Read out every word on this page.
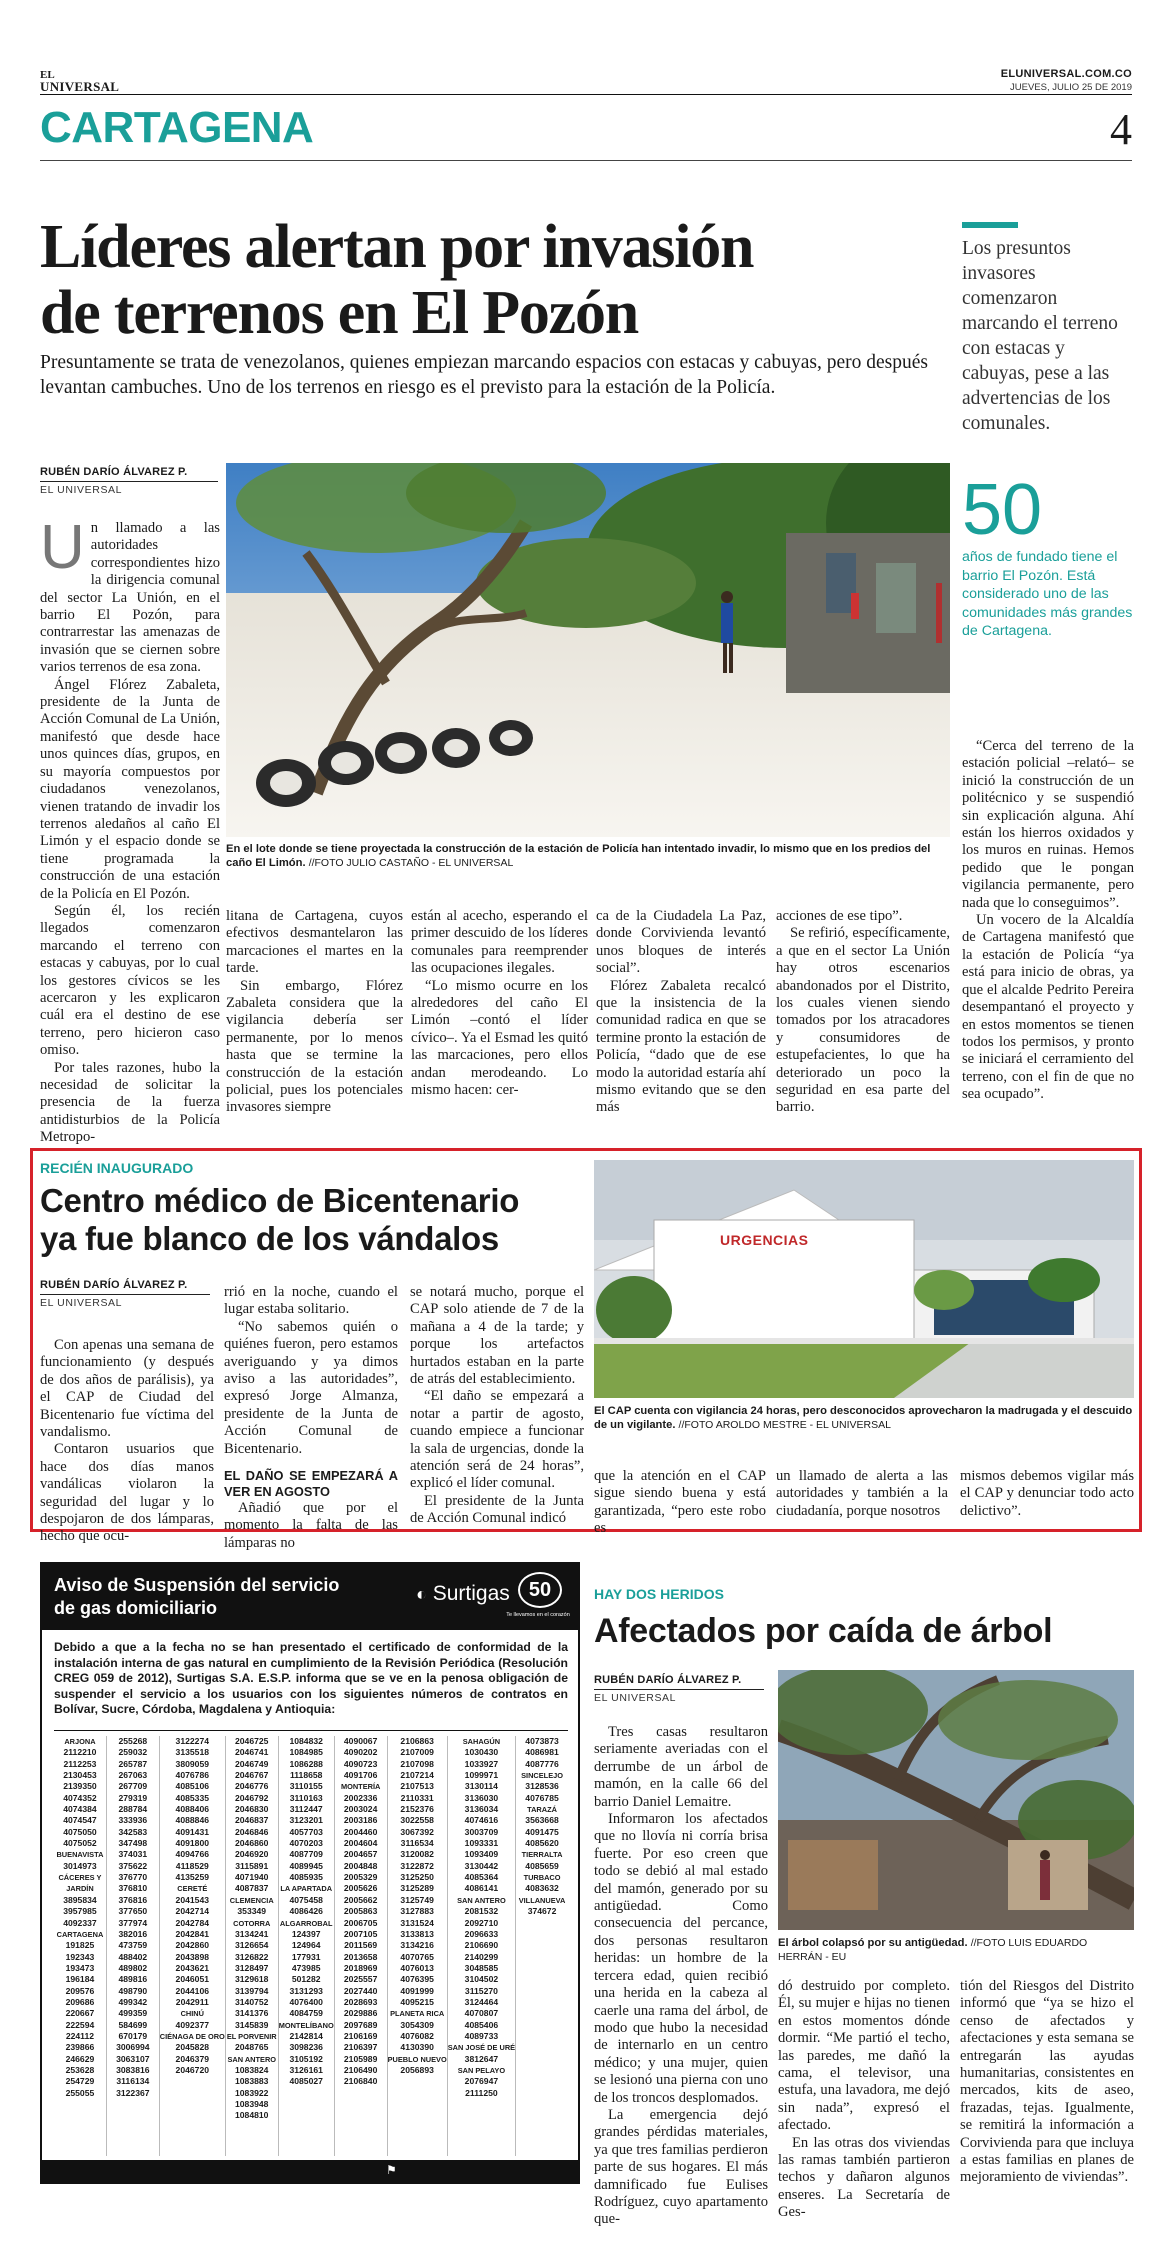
EL
UNIVERSAL
ELUNIVERSAL.COM.CO
JUEVES, JULIO 25 DE 2019
CARTAGENA	4
Líderes alertan por invasión
de terrenos en El Pozón
Presuntamente se trata de venezolanos, quienes empiezan marcando espacios con estacas y cabuyas, pero después levantan cambuches. Uno de los terrenos en riesgo es el previsto para la estación de la Policía.
Los presuntos invasores comenzaron marcando el terreno con estacas y cabuyas, pese a las advertencias de los comunales.
50
años de fundado tiene el barrio El Pozón. Está considerado uno de las comunidades más grandes de Cartagena.
RUBÉN DARÍO ÁLVAREZ P.
EL UNIVERSAL
En el lote donde se tiene proyectada la construcción de la estación de Policía han intentado invadir, lo mismo que en los predios del caño El Limón. //FOTO JULIO CASTAÑO - EL UNIVERSAL
U n llamado a las autoridades correspondientes hizo la dirigencia comunal del sector La Unión, en el barrio El Pozón, para contrarrestar las amenazas de invasión que se ciernen sobre varios terrenos de esa zona.

Ángel Flórez Zabaleta, presidente de la Junta de Acción Comunal de La Unión, manifestó que desde hace unos quinces días, grupos, en su mayoría compuestos por ciudadanos venezolanos, vienen tratando de invadir los terrenos aledaños al caño El Limón y el espacio donde se tiene programada la construcción de una estación de la Policía en El Pozón.

Según él, los recién llegados comenzaron marcando el terreno con estacas y cabuyas, por lo cual los gestores cívicos se les acercaron y les explicaron cuál era el destino de ese terreno, pero hicieron caso omiso.

Por tales razones, hubo la necesidad de solicitar la presencia de la fuerza antidisturbios de la Policía Metropo-

litana de Cartagena, cuyos efectivos desmantelaron las marcaciones el martes en la tarde.

Sin embargo, Flórez Zabaleta considera que la vigilancia debería ser permanente, por lo menos hasta que se termine la construcción de la estación policial, pues los potenciales invasores siempre

están al acecho, esperando el primer descuido de los líderes comunales para reemprender las ocupaciones ilegales.

“Lo mismo ocurre en los alrededores del caño El Limón –contó el líder cívico–. Ya el Esmad les quitó las marcaciones, pero ellos andan merodeando. Lo mismo hacen: cer-

ca de la Ciudadela La Paz, donde Corvivienda levantó unos bloques de interés social”.

Flórez Zabaleta recalcó que la insistencia de la comunidad radica en que se termine pronto la estación de Policía, “dado que de ese modo la autoridad estaría ahí mismo evitando que se den más

acciones de ese tipo”.

Se refirió, específicamente, a que en el sector La Unión hay otros escenarios abandonados por el Distrito, los cuales vienen siendo tomados por los atracadores y consumidores de estupefacientes, lo que ha deteriorado un poco la seguridad en esa parte del barrio.

“Cerca del terreno de la estación policial –relató– se inició la construcción de un politécnico y se suspendió sin explicación alguna. Ahí están los hierros oxidados y los muros en ruinas. Hemos pedido que le pongan vigilancia permanente, pero nada que lo conseguimos”.

Un vocero de la Alcaldía de Cartagena manifestó que la estación de Policía “ya está para inicio de obras, ya que el alcalde Pedrito Pereira desempantanó el proyecto y en estos momentos se tienen todos los permisos, y pronto se iniciará el cerramiento del terreno, con el fin de que no sea ocupado”.

RECIÉN INAUGURADO
Centro médico de Bicentenario
ya fue blanco de los vándalos
RUBÉN DARÍO ÁLVAREZ P.
EL UNIVERSAL
URGENCIAS
El CAP cuenta con vigilancia 24 horas, pero desconocidos aprovecharon la madrugada y el descuido de un vigilante. //FOTO AROLDO MESTRE - EL UNIVERSAL

Con apenas una semana de funcionamiento (y después de dos años de parálisis), ya el CAP de Ciudad del Bicentenario fue víctima del vandalismo.

Contaron usuarios que hace dos días manos vandálicas violaron la seguridad del lugar y lo despojaron de dos lámparas, hecho que ocu-

rrió en la noche, cuando el lugar estaba solitario.

“No sabemos quién o quiénes fueron, pero estamos averiguando y ya dimos aviso a las autoridades”, expresó Jorge Almanza, presidente de la Junta de Acción Comunal de Bicentenario.

EL DAÑO SE EMPEZARÁ A VER EN AGOSTO

Añadió que por el momento la falta de las lámparas no

se notará mucho, porque el CAP solo atiende de 7 de la mañana a 4 de la tarde; y porque los artefactos hurtados estaban en la parte de atrás del establecimiento.

“El daño se empezará a notar a partir de agosto, cuando empiece a funcionar la sala de urgencias, donde la atención será de 24 horas”, explicó el líder comunal.

El presidente de la Junta de Acción Comunal indicó

que la atención en el CAP sigue siendo buena y está garantizada, “pero este robo es

un llamado de alerta a las autoridades y también a la ciudadanía, porque nosotros

mismos debemos vigilar más el CAP y denunciar todo acto delictivo”.

Aviso de Suspensión del servicio
de gas domiciliario
◐ Surtigas 50
Te llevamos en el corazón
Debido a que a la fecha no se han presentado el certificado de conformidad de la instalación interna de gas natural en cumplimiento de la Revisión Periódica (Resolución CREG 059 de 2012), Surtigas S.A. E.S.P. informa que se ve en la penosa obligación de suspender el servicio a los usuarios con los siguientes números de contratos en Bolívar, Sucre, Córdoba, Magdalena y Antioquia:
ARJONA
2112210
2112253
2130453
2139350
4074352
4074384
4074547
4075050
4075052
BUENAVISTA
3014973
CÁCERES Y
JARDÍN
3895834
3957985
4092337
CARTAGENA
191825
192343
193473
196184
209576
209686
220667
222594
224112
239866
246629
253628
254729
255055
255268
259032
265787
267063
267709
279319
288784
333936
342583
347498
374031
375622
376770
376810
376816
377650
377974
382016
473759
488402
489802
489816
498790
499342
499359
584699
670179
3006994
3063107
3083816
3116134
3122367
3122274
3135518
3809059
4076786
4085106
4085335
4088406
4088846
4091431
4091800
4094766
4118529
4135259
CERETÉ
2041543
2042714
2042784
2042841
2042860
2043898
2043621
2046051
2044106
2042911
CHINÚ
4092377
CIÉNAGA DE ORO
2045828
2046379
2046720
2046725
2046741
2046749
2046767
2046776
2046792
2046830
2046837
2046846
2046860
2046920
3115891
4071940
4087837
CLEMENCIA
353349
COTORRA
3134241
3126654
3126822
3128497
3129618
3139794
3140752
3141376
3145839
EL PORVENIR
2048765
SAN ANTERO
1083824
1083883
1083922
1083948
1084810
1084832
1084985
1086288
1118658
3110155
3110163
3112447
3123201
4057703
4070203
4087709
4089945
4085935
LA APARTADA
4075458
4086426
ALGARROBAL
124397
124964
177931
473985
501282
3131293
4076400
4084759
MONTELÍBANO
2142814
3098236
3105192
3126161
4085027
4090067
4090202
4090723
4091706
MONTERÍA
2002336
2003024
2003186
2004460
2004604
2004657
2004848
2005329
2005626
2005662
2005863
2006705
2007105
2011569
2013658
2018969
2025557
2027440
2028693
2029886
2097689
2106169
2106397
2105989
2106490
2106840
2106863
2107009
2107098
2107214
2107513
2110331
2152376
3022558
3067392
3116534
3120082
3122872
3125250
3125289
3125749
3127883
3131524
3133813
3134216
4070765
4076013
4076395
4091999
4095215
PLANETA RICA
3054309
4076082
4130390
PUEBLO NUEVO
2056893
SAHAGÚN
1030430
1033927
1099971
3130114
3136030
3136034
4074616
3003709
1093331
1093409
3130442
4085364
4086141
SAN ANTERO
2081532
2092710
2096633
2106690
2140299
3048585
3104502
3115270
3124464
4070807
4085406
4089733
SAN JOSÉ DE URÉ
3812647
SAN PELAYO
2076947
2111250
4073873
4086981
4087776
SINCELEJO
3128536
4076785
TARAZÁ
3563668
4091475
4085620
TIERRALTA
4085659
TURBACO
4083632
VILLANUEVA
374672
⚑
HAY DOS HERIDOS
Afectados por caída de árbol
RUBÉN DARÍO ÁLVAREZ P.
EL UNIVERSAL
El árbol colapsó por su antigüedad. //FOTO LUIS EDUARDO HERRÁN - EU

Tres casas resultaron seriamente averiadas con el derrumbe de un árbol de mamón, en la calle 66 del barrio Daniel Lemaitre.

Informaron los afectados que no llovía ni corría brisa fuerte. Por eso creen que todo se debió al mal estado del mamón, generado por su antigüedad. Como consecuencia del percance, dos personas resultaron heridas: un hombre de la tercera edad, quien recibió una herida en la cabeza al caerle una rama del árbol, de modo que hubo la necesidad de internarlo en un centro médico; y una mujer, quien se lesionó una pierna con uno de los troncos desplomados.

La emergencia dejó grandes pérdidas materiales, ya que tres familias perdieron parte de sus hogares. El más damnificado fue Eulises Rodríguez, cuyo apartamento que-

dó destruido por completo. Él, su mujer e hijas no tienen en estos momentos dónde dormir. “Me partió el techo, las paredes, me dañó la cama, el televisor, una estufa, una lavadora, me dejó sin nada”, expresó el afectado.

En las otras dos viviendas las ramas también partieron techos y dañaron algunos enseres. La Secretaría de Ges-

tión del Riesgos del Distrito informó que “ya se hizo el censo de afectados y afectaciones y esta semana se entregarán las ayudas humanitarias, consistentes en mercados, kits de aseo, frazadas, tejas. Igualmente, se remitirá la información a Corvivienda para que incluya a estas familias en planes de mejoramiento de viviendas”.
